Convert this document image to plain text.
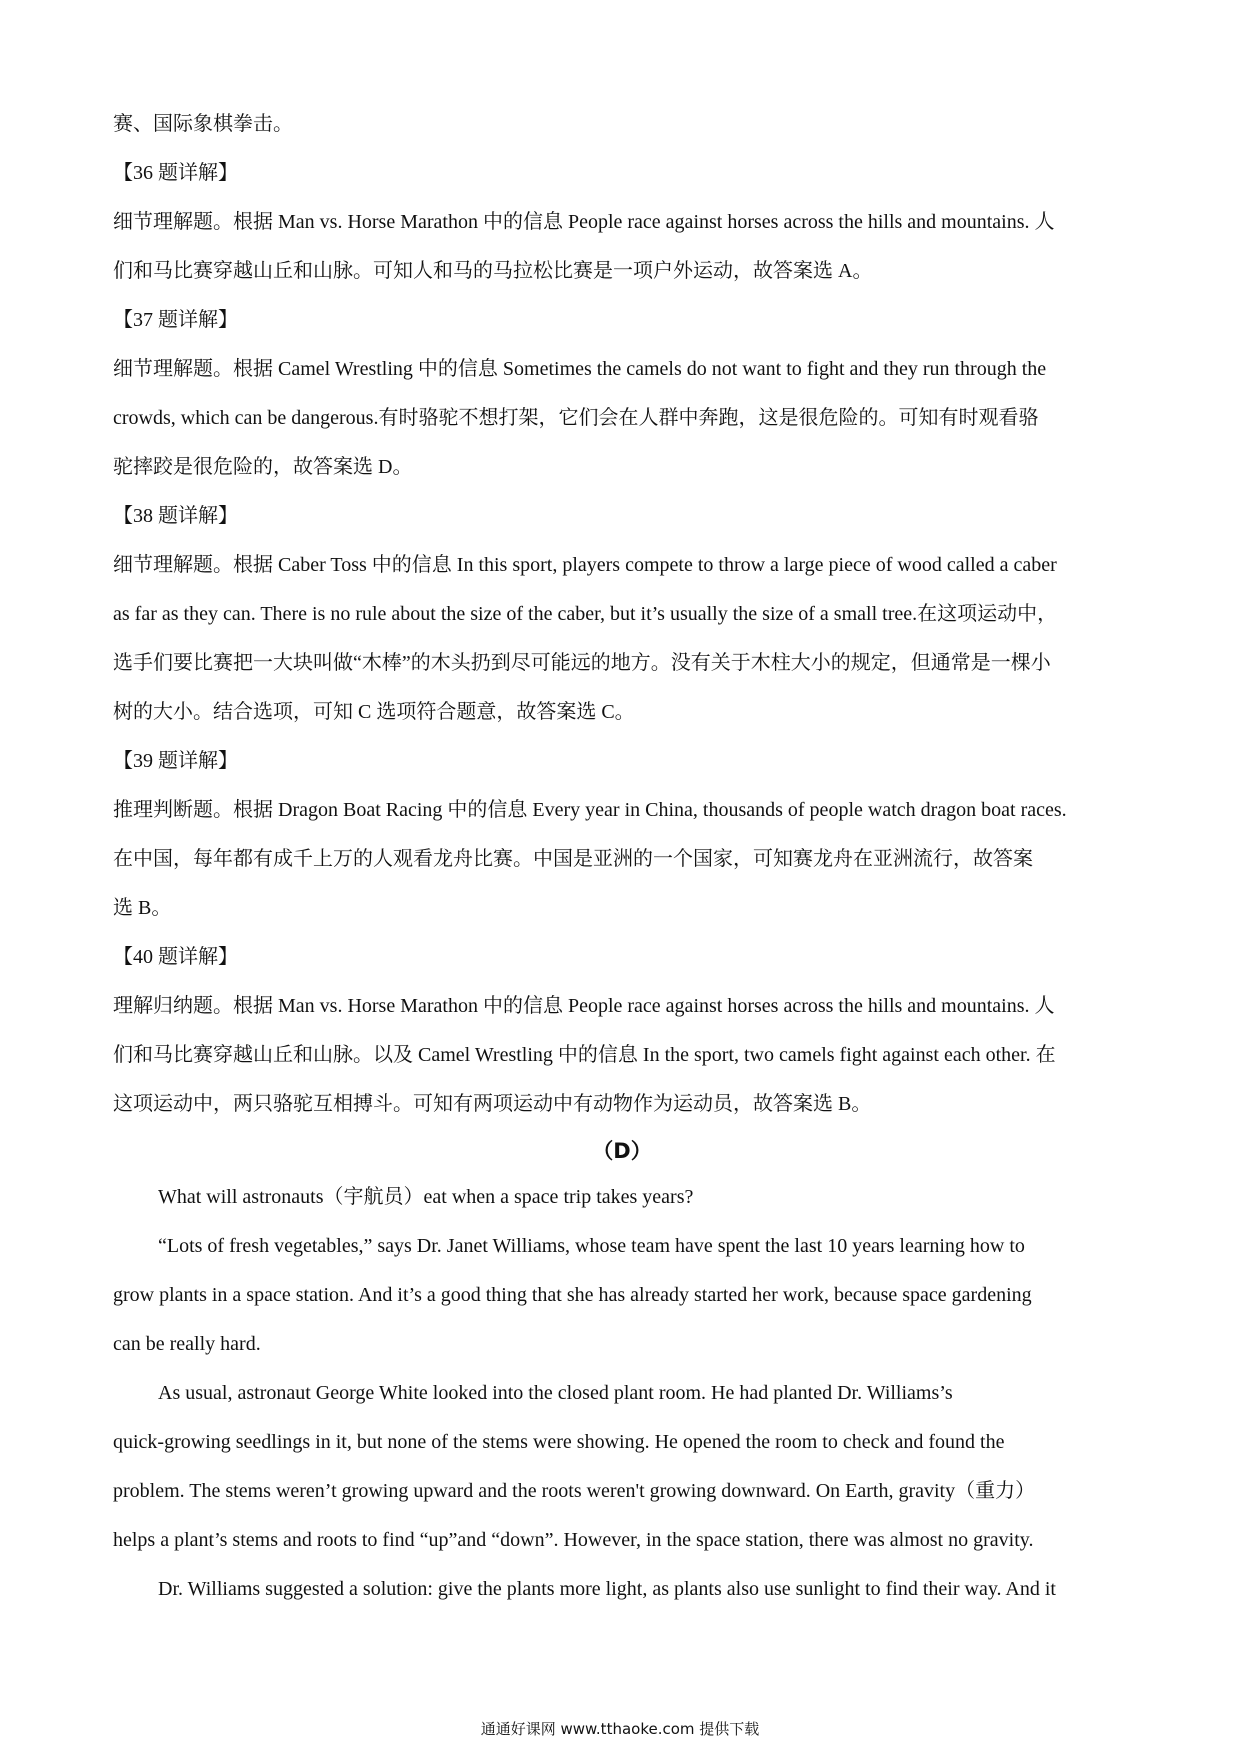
赛、国际象棋拳击。

【36 题详解】

细节理解题。根据 Man vs. Horse Marathon 中的信息 People race against horses across the hills and mountains. 人

们和马比赛穿越山丘和山脉。可知人和马的马拉松比赛是一项户外运动，故答案选 A。

【37 题详解】

细节理解题。根据 Camel Wrestling 中的信息 Sometimes the camels do not want to fight and they run through the

crowds, which can be dangerous.有时骆驼不想打架，它们会在人群中奔跑，这是很危险的。可知有时观看骆

驼摔跤是很危险的，故答案选 D。

【38 题详解】

细节理解题。根据 Caber Toss 中的信息 In this sport, players compete to throw a large piece of wood called a caber

as far as they can. There is no rule about the size of the caber, but it’s usually the size of a small tree.在这项运动中，

选手们要比赛把一大块叫做“木棒”的木头扔到尽可能远的地方。没有关于木柱大小的规定，但通常是一棵小

树的大小。结合选项，可知 C 选项符合题意，故答案选 C。

【39 题详解】

推理判断题。根据 Dragon Boat Racing 中的信息 Every year in China, thousands of people watch dragon boat races.

在中国，每年都有成千上万的人观看龙舟比赛。中国是亚洲的一个国家，可知赛龙舟在亚洲流行，故答案

选 B。

【40 题详解】

理解归纳题。根据 Man vs. Horse Marathon 中的信息 People race against horses across the hills and mountains. 人

们和马比赛穿越山丘和山脉。以及 Camel Wrestling 中的信息 In the sport, two camels fight against each other. 在

这项运动中，两只骆驼互相搏斗。可知有两项运动中有动物作为运动员，故答案选 B。

（D）

What will astronauts（宇航员）eat when a space trip takes years?

“Lots of fresh vegetables,” says Dr. Janet Williams, whose team have spent the last 10 years learning how to

grow plants in a space station. And it’s a good thing that she has already started her work, because space gardening

can be really hard.

As usual, astronaut George White looked into the closed plant room. He had planted Dr. Williams’s

quick-growing seedlings in it, but none of the stems were showing. He opened the room to check and found the

problem. The stems weren’t growing upward and the roots weren't growing downward. On Earth, gravity（重力）

helps a plant’s stems and roots to find “up”and “down”. However, in the space station, there was almost no gravity.

Dr. Williams suggested a solution: give the plants more light, as plants also use sunlight to find their way. And it

通通好课网 www.tthaoke.com 提供下载
